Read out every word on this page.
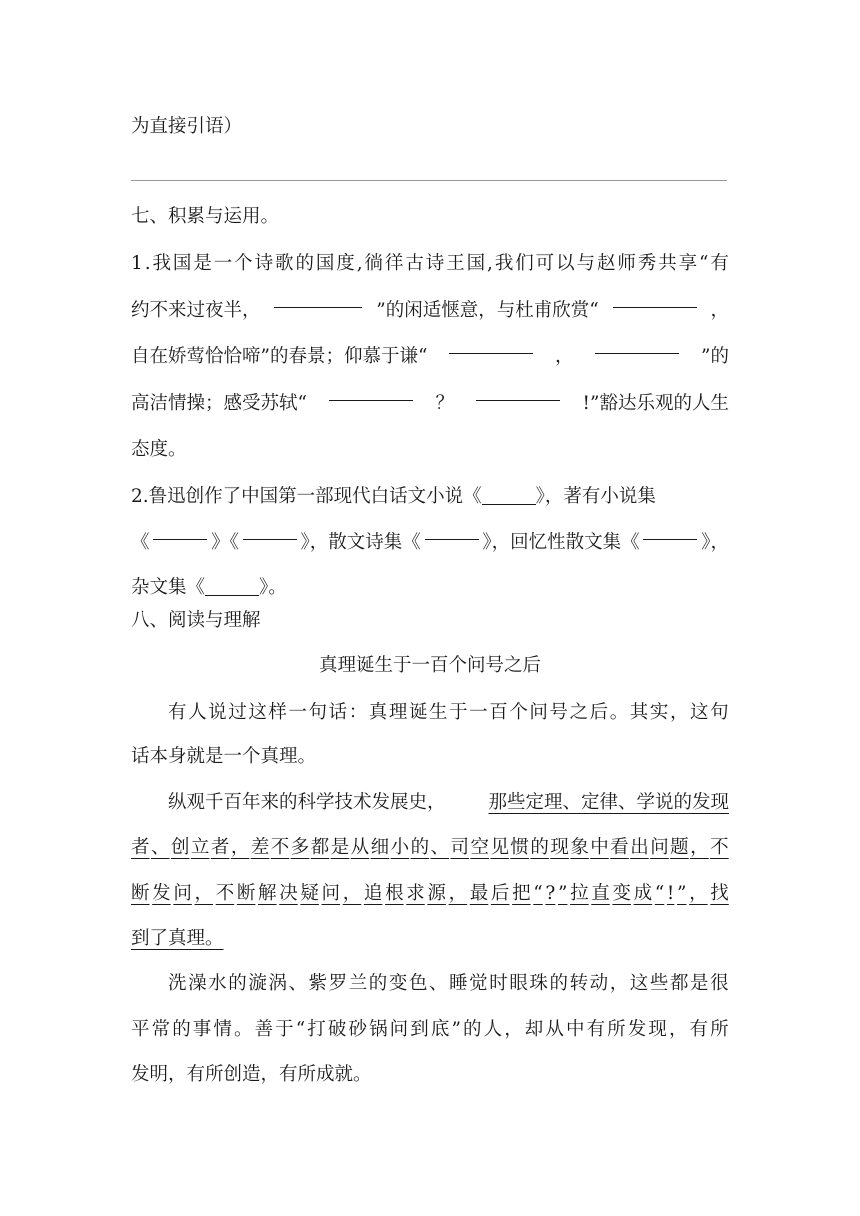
为直接引语）
七、积累与运用。
1 . 我 国 是 一 个 诗 歌 的 国 度 , 徜 徉 古 诗 王 国 , 我 们 可 以 与 赵 师 秀 共 享 “ 有
约不来过夜半，	”的闲适惬意，与杜甫欣赏“	，
自在娇莺恰恰啼”的春景；仰慕于谦“	，	”的
高洁情操；感受苏轼“	？	!”豁达乐观的人生
态度。
2.鲁迅创作了中国第一部现代白话文小说《	》，著有小说集
《	》《	》，散文诗集《	》，回忆性散文集《	》，
杂文集《	》。
八、阅读与理解
真理诞生于一百个问号之后
有 人 说 过 这 样 一 句 话 ： 真 理 诞 生 于 一 百 个 问 号 之 后 。 其 实 ， 这 句
话本身就是一个真理。
纵观千百年来的科学技术发展史， 那些定理、定律、学说的发现
者 、 创 立 者 ， 差 不 多 都 是 从 细 小 的 、 司 空 见 惯 的 现 象 中 看 出 问 题 ， 不
断 发 问 ， 不 断 解 决 疑 问 ， 追 根 求 源 ， 最 后 把 “ ? ” 拉 直 变 成 “ ! ” ， 找
到了真理。
洗 澡 水 的 漩 涡 、 紫 罗 兰 的 变 色 、 睡 觉 时 眼 珠 的 转 动 ， 这 些 都 是 很
平 常 的 事 情 。 善 于 “ 打 破 砂 锅 问 到 底 ” 的 人 ， 却 从 中 有 所 发 现 ， 有 所
发明，有所创造，有所成就。
